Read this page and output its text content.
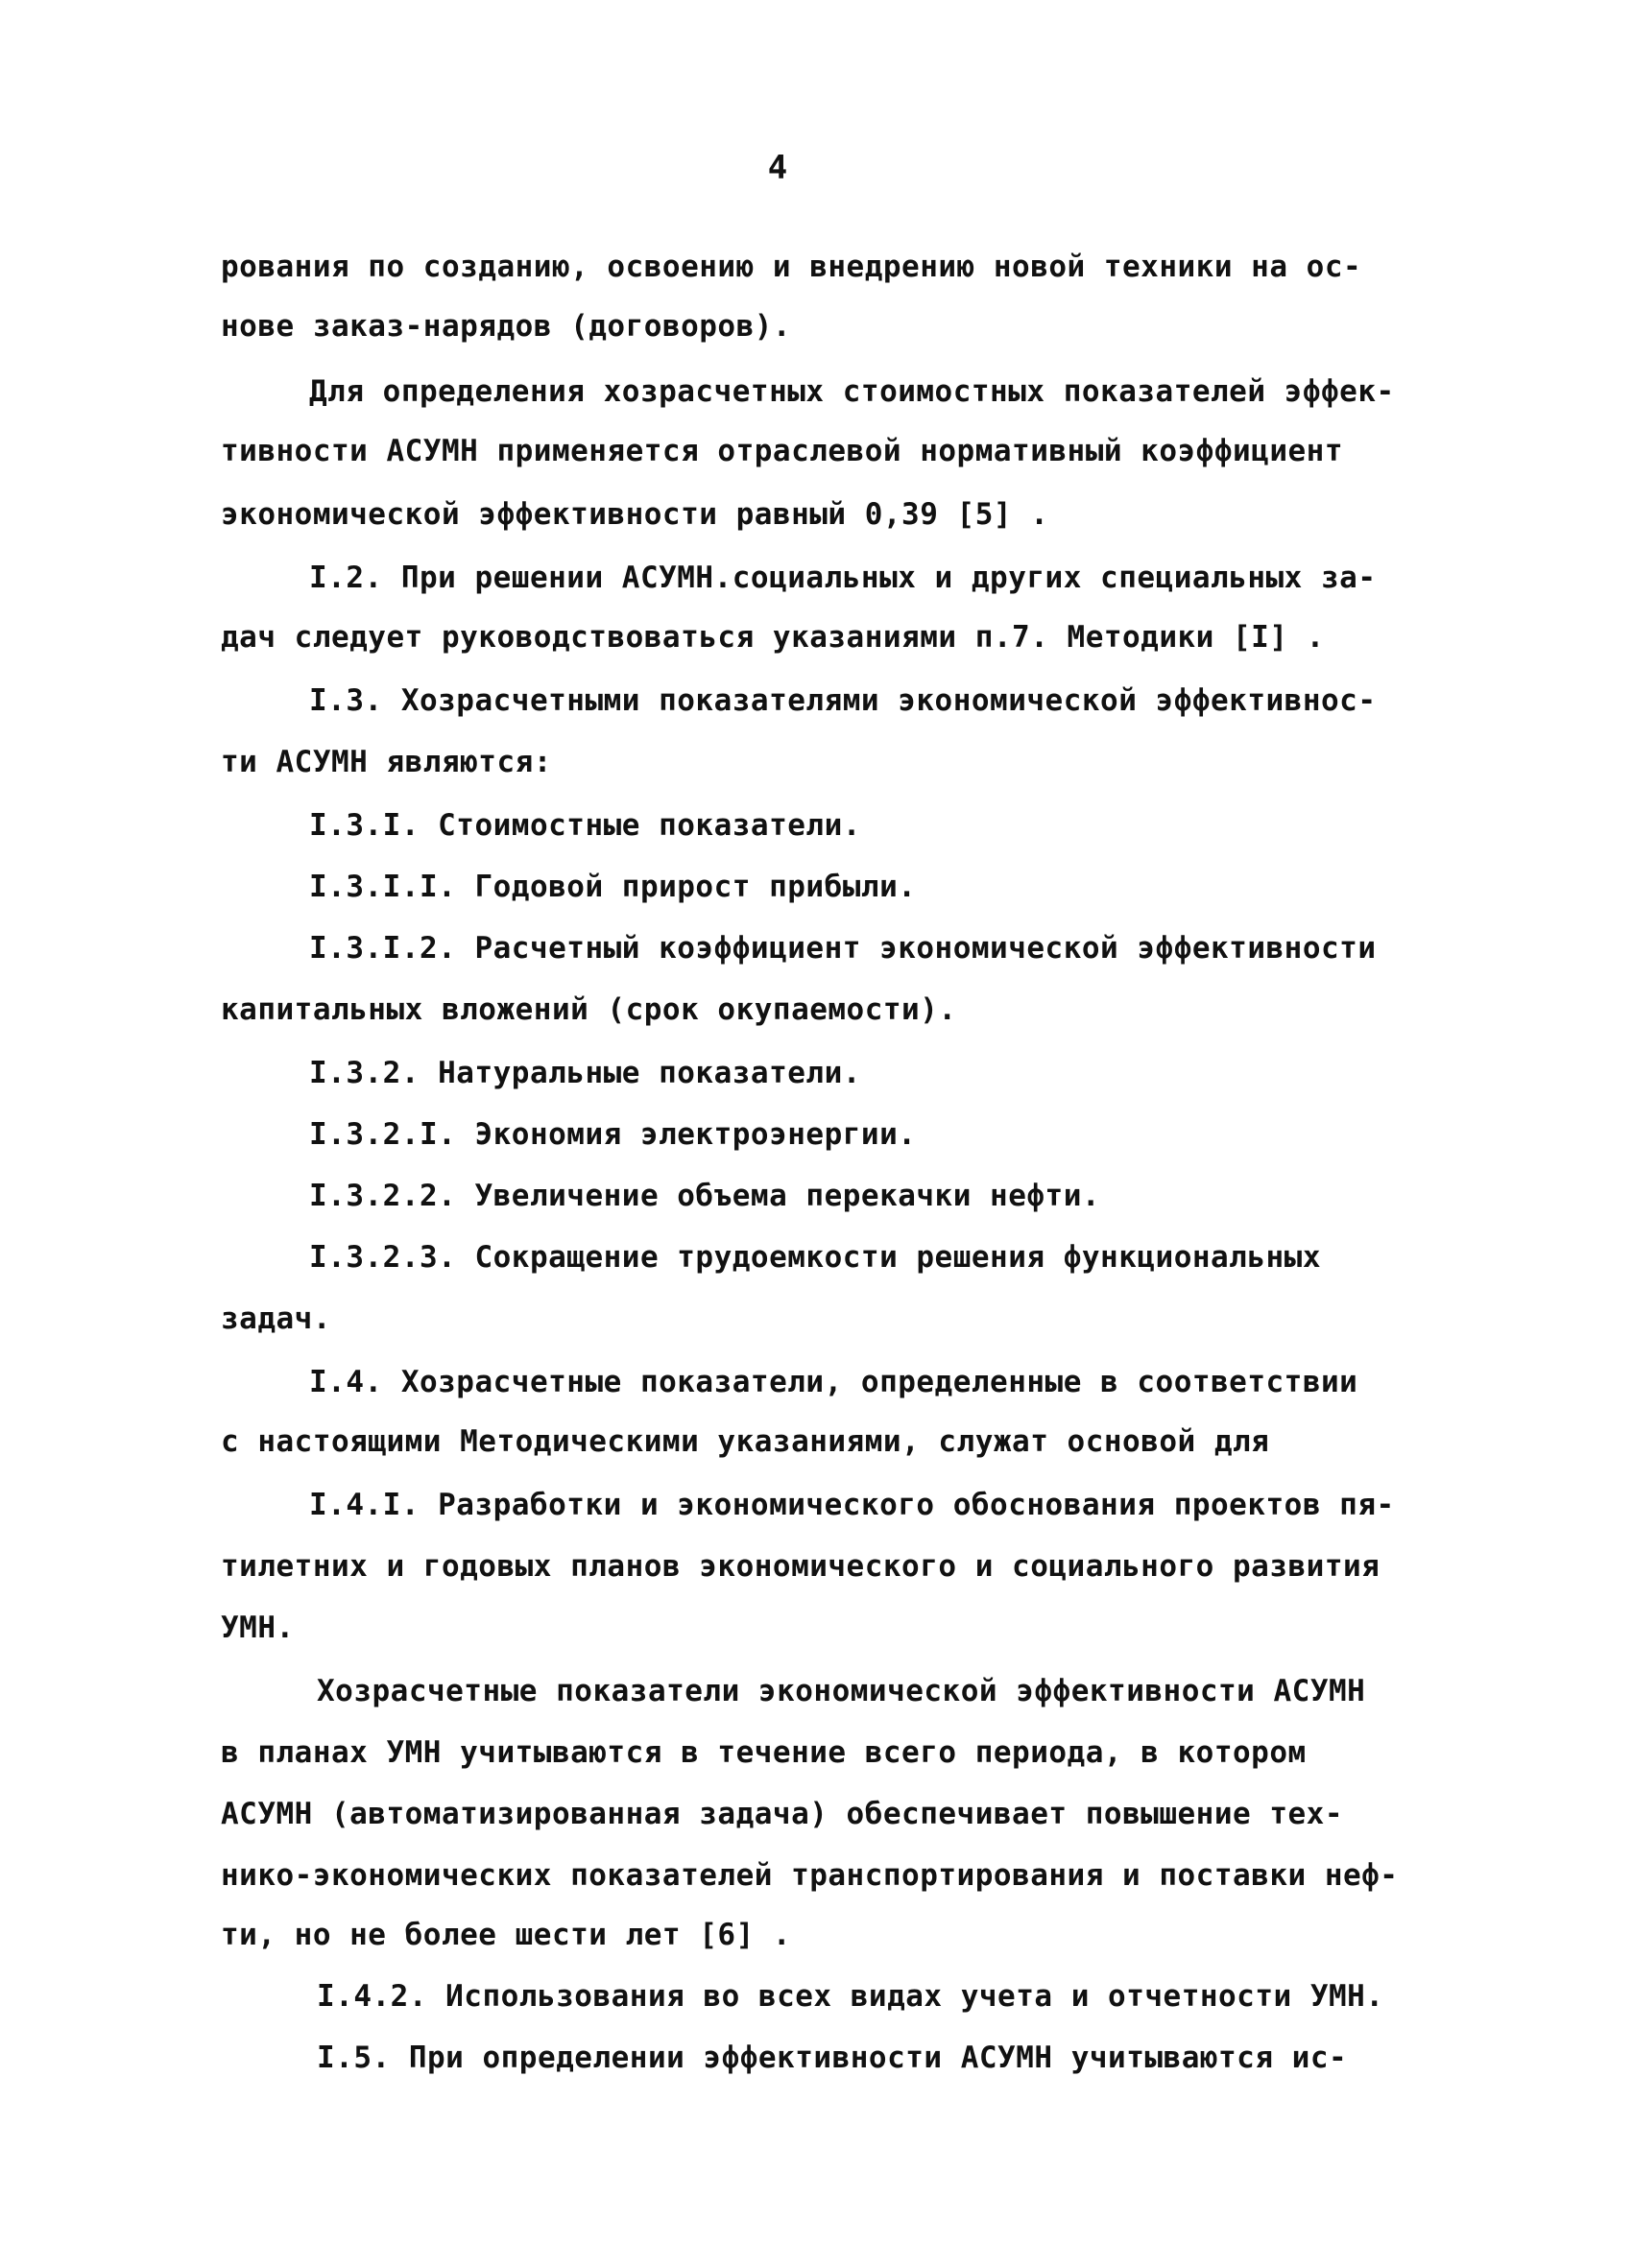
4
рования по созданию, освоению и внедрению новой техники на ос-
нове заказ-нарядов (договоров).
Для определения хозрасчетных стоимостных показателей эффек-
тивности АСУМН применяется отраслевой нормативный коэффициент
экономической эффективности равный 0,39 [5] .
I.2. При решении АСУМН.социальных и других специальных за-
дач следует руководствоваться указаниями п.7. Методики [I] .
I.3. Хозрасчетными показателями экономической эффективнос-
ти АСУМН являются:
I.3.I. Стоимостные показатели.
I.3.I.I. Годовой прирост прибыли.
I.3.I.2. Расчетный коэффициент экономической эффективности
капитальных вложений (срок окупаемости).
I.3.2. Натуральные показатели.
I.3.2.I. Экономия электроэнергии.
I.3.2.2. Увеличение объема перекачки нефти.
I.3.2.3. Сокращение трудоемкости решения функциональных
задач.
I.4. Хозрасчетные показатели, определенные в соответствии
с настоящими Методическими указаниями, служат основой для
I.4.I. Разработки и экономического обоснования проектов пя-
тилетних и годовых планов экономического и социального развития
УМН.
Хозрасчетные показатели экономической эффективности АСУМН
в планах УМН учитываются в течение всего периода, в котором
АСУМН (автоматизированная задача) обеспечивает повышение тех-
нико-экономических показателей транспортирования и поставки неф-
ти, но не более шести лет [6] .
I.4.2. Использования во всех видах учета и отчетности УМН.
I.5. При определении эффективности АСУМН учитываются ис-
